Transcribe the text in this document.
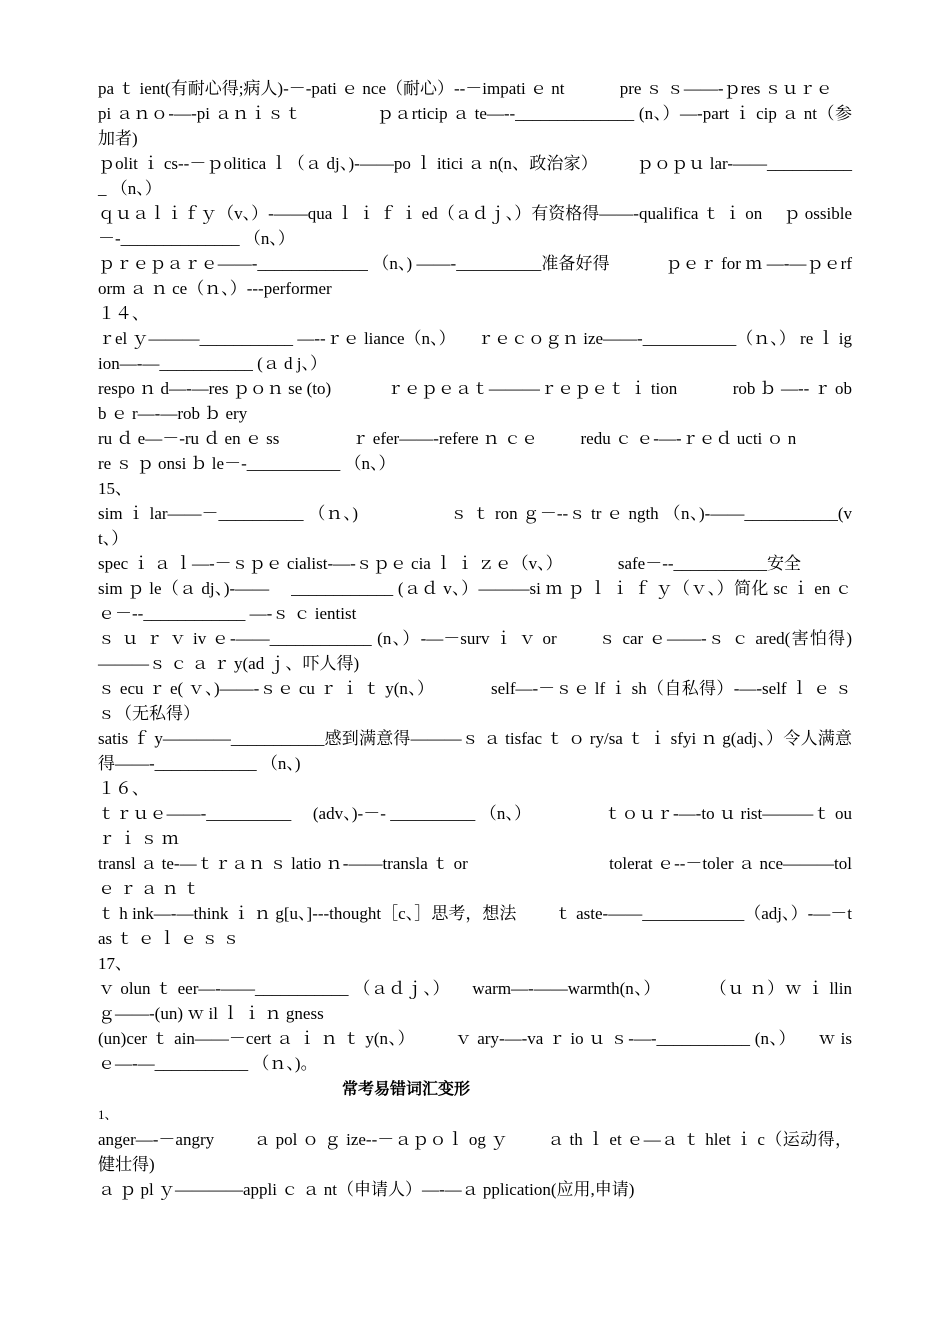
pa ｔ ient(有耐心得;病人)-－-pati ｅ nce（耐心）--－impati ｅ nt 　　　pre ｓ ｓ——-ｐres ｓｕｒｅ

pi ａｎｏ-—-pi ａｎｉｓｔ 　　　　ｐａrticip ａ te—--______________ (n、）—-part ｉ cip ａ nt（参加者)

ｐolit ｉ cs--－ｐolitica ｌ（ａ dj、)-——po ｌ itici ａ n(n、政治家） 　　ｐｏｐｕ lar-——___________ （n、）

ｑｕａｌｉｆｙ（v、）-——qua ｌ ｉ ｆ ｉ ed（ａｄｊ、）有资格得——-qualifica ｔ ｉ on 　ｐ ossible－-______________ （n、）

ｐｒｅｐａｒｅ——-_____________ （n、) ——-__________准备好得 　　　ｐｅｒ for ｍ —-—ｐｅrform ａ ｎ ce（ｎ、）---performer

１４、

ｒel ｙ———___________ —--ｒｅ liance（n、） 　ｒｅｃｏｇｎ ize——-___________（ｎ、） re ｌ igion—-—___________ (ａ d j、）

respo ｎ d—-—res ｐｏｎ se (to) 　　　ｒｅｐｅａｔ———ｒｅｐｅｔ ｉ tion 　　　rob ｂ —-- ｒ obb ｅ r—-—rob ｂ ery

ru ｄ e—－-ru ｄ en ｅ ss 　　　　ｒ efer——-refere ｎ ｃｅ 　　 redu ｃ ｅ-—-ｒｅｄ ucti ｏ n

re ｓ ｐ onsi ｂ le－-___________ （n、）

15、

sim ｉ lar——－__________ （ｎ、) 　　　　　ｓ ｔ ron ｇ－--ｓ tr ｅ ngth （n、)-——___________(vt、）

spec ｉ ａ ｌ—-－ｓｐｅ cialist-—-ｓｐｅ cia ｌ ｉ ｚｅ（v、） 　　　safe－--___________安全

sim ｐ le（ａ dj、)-—— 　____________ (ａｄ v、）———si ｍ ｐ ｌ ｉ ｆ ｙ（ｖ、）简化 sc ｉ en ｃ ｅ－--____________ —-ｓ ｃ ientist

ｓ ｕ ｒ ｖ iv ｅ-——____________ (n、）-—－surv ｉ ｖ or 　　ｓ car ｅ——-ｓ ｃ ared(害怕得)———ｓ ｃ ａ ｒ y(ad ｊ、吓人得)

ｓ ecu ｒ e( ｖ、)——-ｓｅ cu ｒ ｉ ｔ y(n、） 　　　self—-－ｓｅ lf ｉ sh（自私得）-—-self ｌ ｅ ｓ ｓ（无私得）

satis ｆ y————___________感到满意得———ｓ ａ tisfac ｔ ｏ ry/sa ｔ ｉ sfyi ｎ g(adj、）令人满意得——-____________ （n、)

１６、

ｔｒｕｅ——-__________ 　(adv、)-－- __________ （n、） 　　　　ｔｏｕｒ-—-to ｕ rist———ｔ ou ｒ ｉ ｓ ｍ

transl ａ te-—ｔｒａｎ ｓ latio ｎ-——transla ｔ or 　　　　　　　　tolerat ｅ--－toler ａ nce———tol ｅ ｒ ａ ｎ ｔ

ｔ h ink—-—think ｉ ｎ g[u、]---thought［c、］思考，想法 　　ｔ aste-——____________（adj、）-—－tas ｔ ｅ ｌ ｅ ｓ ｓ

17、

ｖ olun ｔ eer—-——___________ （ａｄｊ、） 　warm—-——warmth(n、） 　　　（ｕ ｎ）ｗ ｉ llin ｇ——-(un) ｗ il ｌ ｉ ｎ gness

(un)cer ｔ ain——－cert ａ ｉ ｎ ｔ y(n、） 　　ｖ ary-—-va ｒ io ｕ ｓ-—-___________ (n、） 　ｗ is ｅ—-—___________ （ｎ、)。

常考易错词汇变形

1、

anger—-－angry 　　ａ pol ｏ ｇ ize--－ａｐｏｌ og ｙ 　　ａ th ｌ et ｅ—ａ ｔ hlet ｉ c（运动得，健壮得)

ａ ｐ pl ｙ————appli ｃ ａ nt（申请人）—-—ａ pplication(应用,申请)
